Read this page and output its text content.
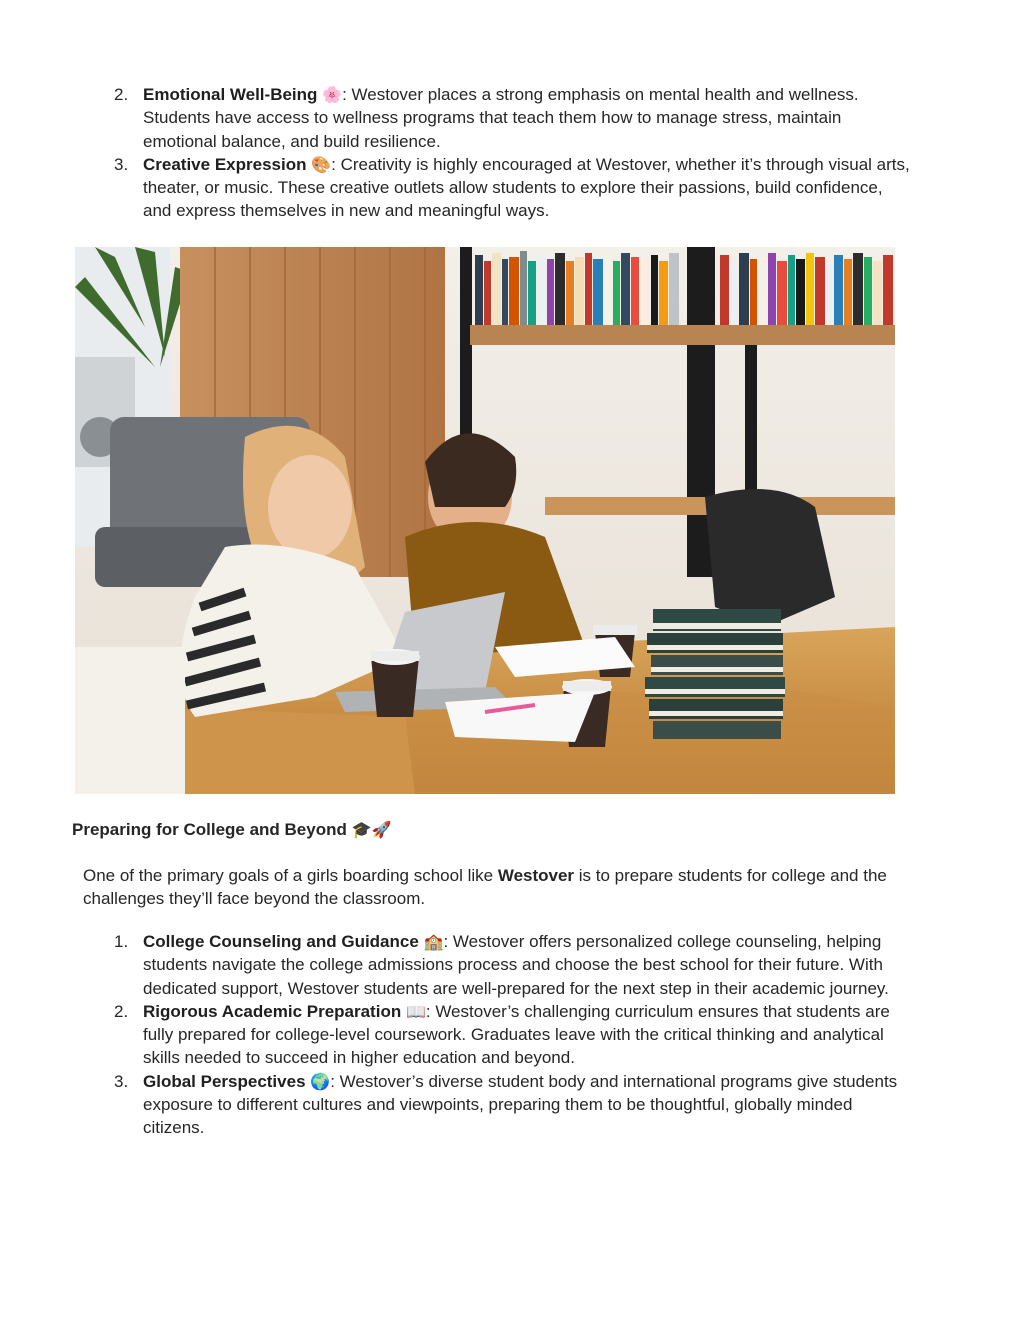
2. Emotional Well-Being 🌸: Westover places a strong emphasis on mental health and wellness. Students have access to wellness programs that teach them how to manage stress, maintain emotional balance, and build resilience.
3. Creative Expression 🎨: Creativity is highly encouraged at Westover, whether it’s through visual arts, theater, or music. These creative outlets allow students to explore their passions, build confidence, and express themselves in new and meaningful ways.
Preparing for College and Beyond 🎓🚀

One of the primary goals of a girls boarding school like Westover is to prepare students for college and the challenges they’ll face beyond the classroom.

1. College Counseling and Guidance 🏫: Westover offers personalized college counseling, helping students navigate the college admissions process and choose the best school for their future. With dedicated support, Westover students are well-prepared for the next step in their academic journey.
2. Rigorous Academic Preparation 📖: Westover’s challenging curriculum ensures that students are fully prepared for college-level coursework. Graduates leave with the critical thinking and analytical skills needed to succeed in higher education and beyond.
3. Global Perspectives 🌍: Westover’s diverse student body and international programs give students exposure to different cultures and viewpoints, preparing them to be thoughtful, globally minded citizens.
